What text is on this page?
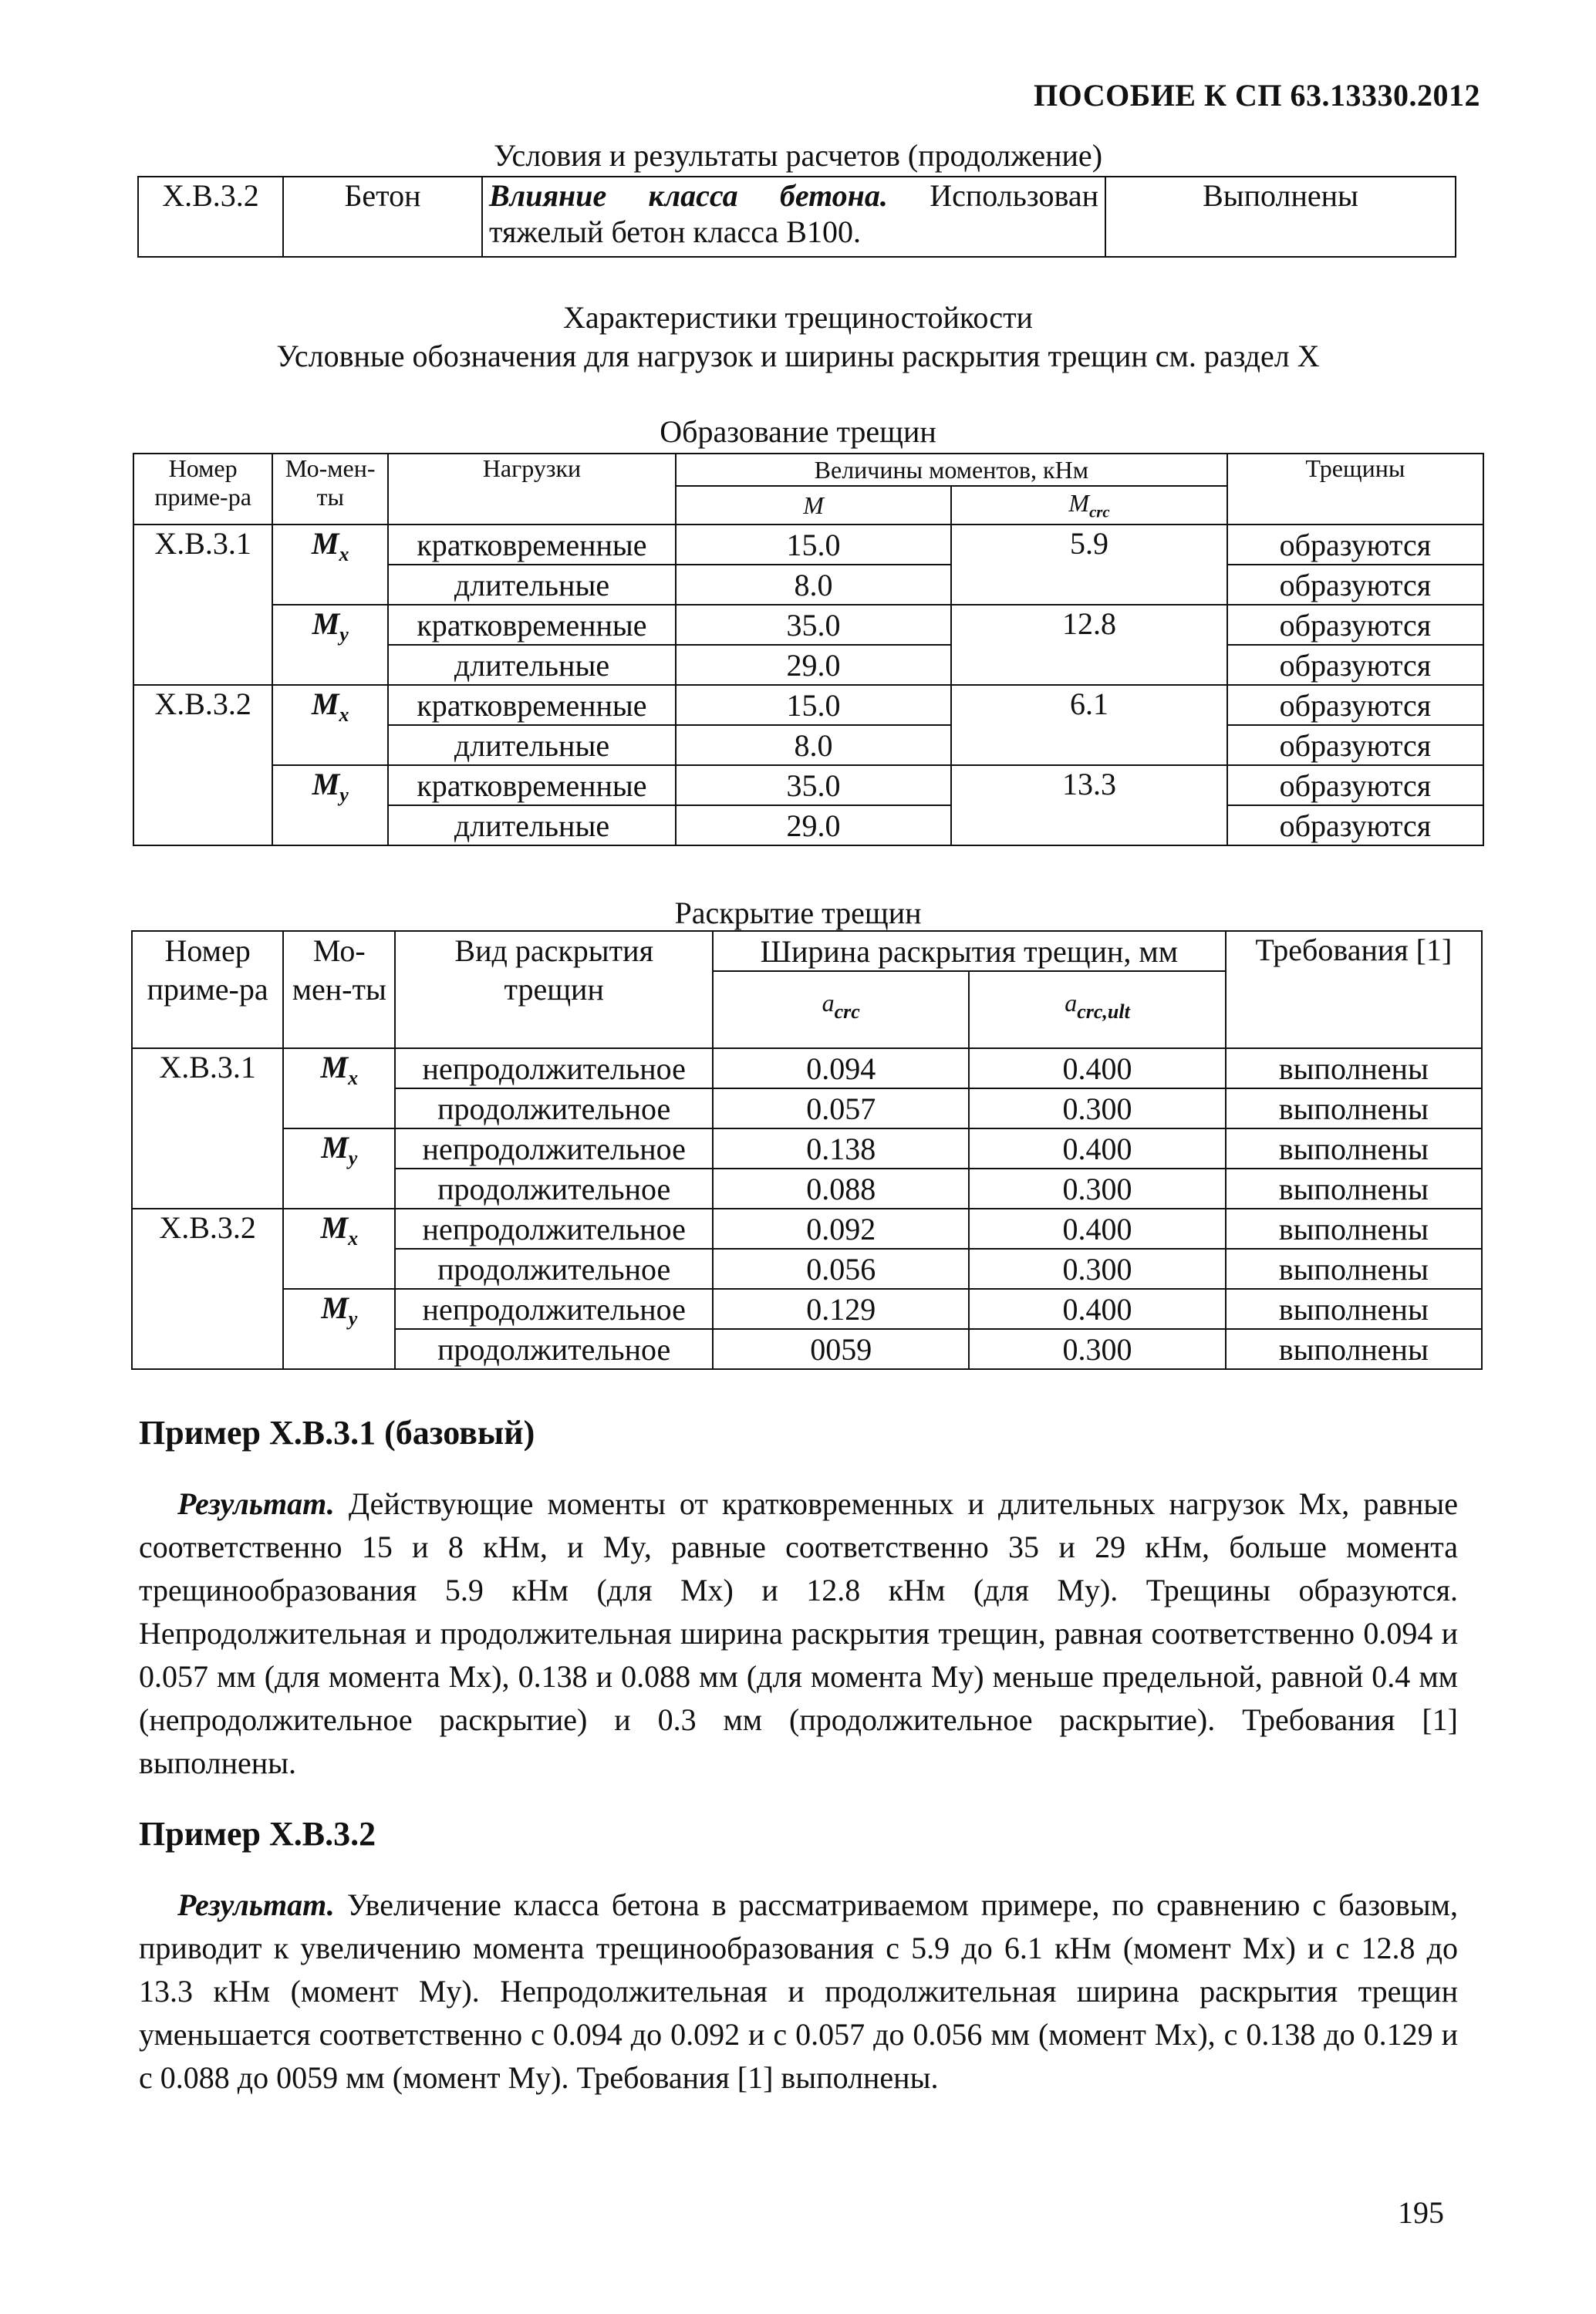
ПОСОБИЕ К СП 63.13330.2012
Условия и результаты расчетов (продолжение)
Х.В.3.2	Бетон	Влияние класса бетона. Использован тяжелый бетон класса В100.	Выполнены
Характеристики трещиностойкости
Условные обозначения для нагрузок и ширины раскрытия трещин см. раздел Х
Образование трещин
Номер приме-ра	Мо-мен-ты	Нагрузки	Величины моментов, кНм		Трещины
			M	$M_{crc}$
Х.В.3.1	$M_x$	кратковременные	15.0	5.9	образуются
		длительные	8.0		образуются
	$M_y$	кратковременные	35.0	12.8	образуются
		длительные	29.0		образуются
Х.В.3.2	$M_x$	кратковременные	15.0	6.1	образуются
		длительные	8.0		образуются
	$M_y$	кратковременные	35.0	13.3	образуются
		длительные	29.0		образуются
Раскрытие трещин
Номер приме-ра	Мо-мен-ты	Вид раскрытия трещин	Ширина раскрытия трещин, мм		Требования [1]
			$a_{crc}$	$a_{crc,ult}$
Х.В.3.1	$M_x$	непродолжительное	0.094	0.400	выполнены
		продолжительное	0.057	0.300	выполнены
	$M_y$	непродолжительное	0.138	0.400	выполнены
		продолжительное	0.088	0.300	выполнены
Х.В.3.2	$M_x$	непродолжительное	0.092	0.400	выполнены
		продолжительное	0.056	0.300	выполнены
	$M_y$	непродолжительное	0.129	0.400	выполнены
		продолжительное	0059	0.300	выполнены
Пример Х.В.3.1 (базовый)

Результат. Действующие моменты от кратковременных и длительных нагрузок Mx, равные соответственно 15 и 8 кНм, и My, равные соответственно 35 и 29 кНм, больше момента трещинообразования 5.9 кНм (для Mx) и 12.8 кНм (для My). Трещины образуются. Непродолжительная и продолжительная ширина раскрытия трещин, равная соответственно 0.094 и 0.057 мм (для момента Mx), 0.138 и 0.088 мм (для момента My) меньше предельной, равной 0.4 мм (непродолжительное раскрытие) и 0.3 мм (продолжительное раскрытие). Требования [1] выполнены.

Пример Х.В.3.2

Результат. Увеличение класса бетона в рассматриваемом примере, по сравнению с базовым, приводит к увеличению момента трещинообразования с 5.9 до 6.1 кНм (момент Mx) и с 12.8 до 13.3 кНм (момент My). Непродолжительная и продолжительная ширина раскрытия трещин уменьшается соответственно с 0.094 до 0.092 и с 0.057 до 0.056 мм (момент Mx), с 0.138 до 0.129 и с 0.088 до 0059 мм (момент My). Требования [1] выполнены.

195
